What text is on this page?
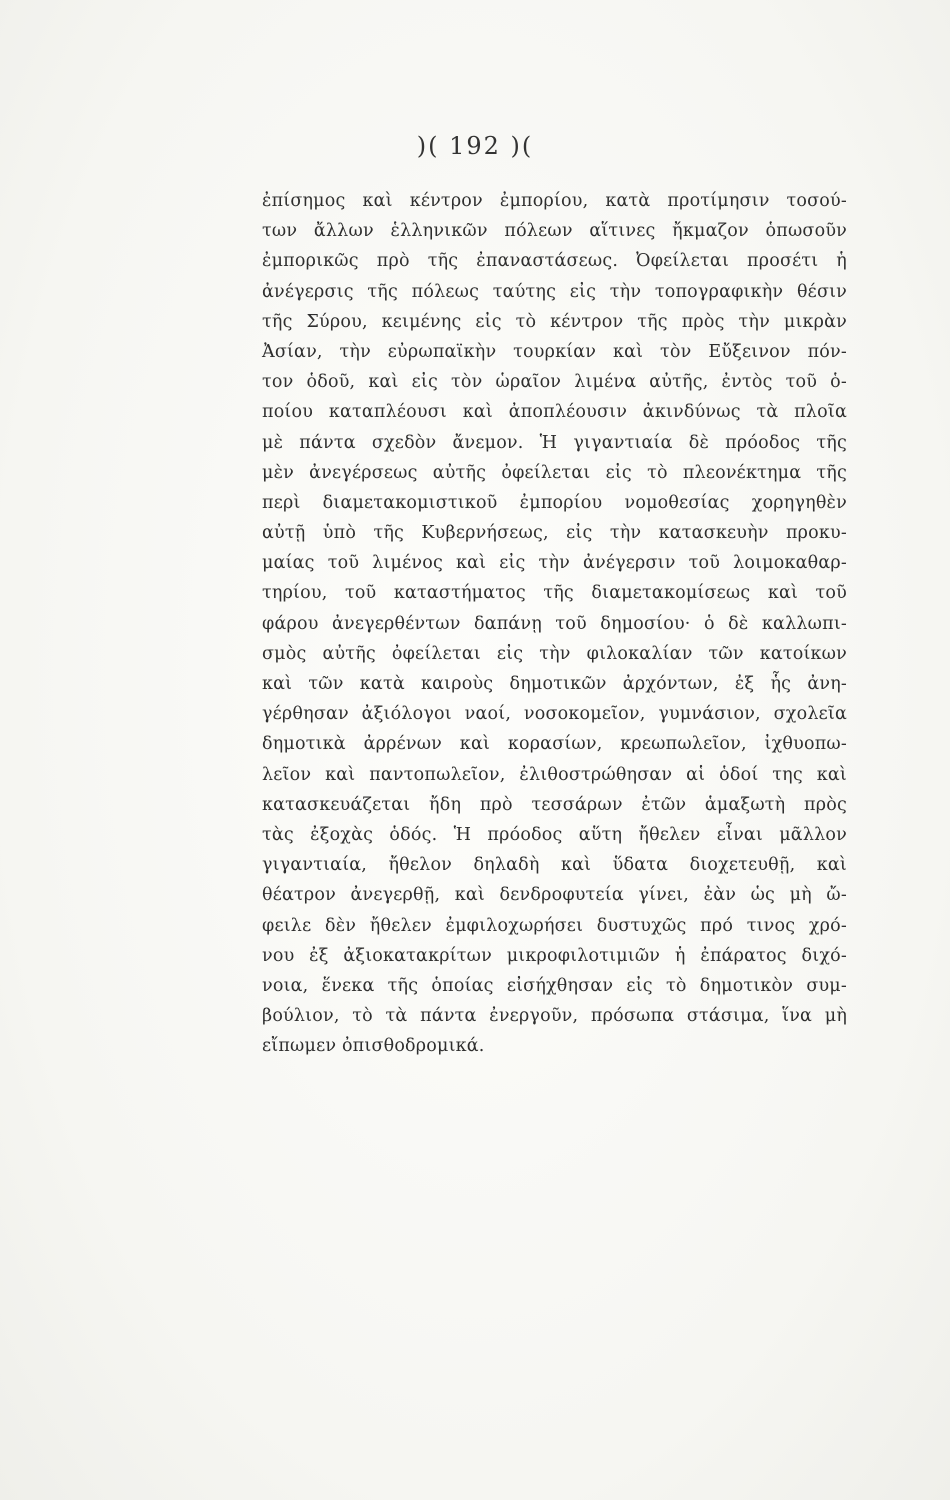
)( 192 )(
ἐπίσημος καὶ κέντρον ἐμπορίου, κατὰ προτίμησιν τοσού-
των ἄλλων ἑλληνικῶν πόλεων αἵτινες ἤκμαζον ὁπωσοῦν
ἐμπορικῶς πρὸ τῆς ἐπαναστάσεως. Ὀφείλεται προσέτι ἡ
ἀνέγερσις τῆς πόλεως ταύτης εἰς τὴν τοπογραφικὴν θέσιν
τῆς Σύρου, κειμένης εἰς τὸ κέντρον τῆς πρὸς τὴν μικρὰν
Ἀσίαν, τὴν εὐρωπαϊκὴν τουρκίαν καὶ τὸν Εὔξεινον πόν-
τον ὁδοῦ, καὶ εἰς τὸν ὡραῖον λιμένα αὐτῆς, ἐντὸς τοῦ ὁ-
ποίου καταπλέουσι καὶ ἀποπλέουσιν ἀκινδύνως τὰ πλοῖα
μὲ πάντα σχεδὸν ἄνεμον. Ἡ γιγαντιαία δὲ πρόοδος τῆς
μὲν ἀνεγέρσεως αὐτῆς ὀφείλεται εἰς τὸ πλεονέκτημα τῆς
περὶ διαμετακομιστικοῦ ἐμπορίου νομοθεσίας χορηγηθὲν
αὐτῇ ὑπὸ τῆς Κυβερνήσεως, εἰς τὴν κατασκευὴν προκυ-
μαίας τοῦ λιμένος καὶ εἰς τὴν ἀνέγερσιν τοῦ λοιμοκαθαρ-
τηρίου, τοῦ καταστήματος τῆς διαμετακομίσεως καὶ τοῦ
φάρου ἀνεγερθέντων δαπάνῃ τοῦ δημοσίου· ὁ δὲ καλλωπι-
σμὸς αὐτῆς ὀφείλεται εἰς τὴν φιλοκαλίαν τῶν κατοίκων
καὶ τῶν κατὰ καιροὺς δημοτικῶν ἀρχόντων, ἐξ ἧς ἀνη-
γέρθησαν ἀξιόλογοι ναοί, νοσοκομεῖον, γυμνάσιον, σχολεῖα
δημοτικὰ ἀρρένων καὶ κορασίων, κρεωπωλεῖον, ἰχθυοπω-
λεῖον καὶ παντοπωλεῖον, ἐλιθοστρώθησαν αἱ ὁδοί της καὶ
κατασκευάζεται ἤδη πρὸ τεσσάρων ἐτῶν ἁμαξωτὴ πρὸς
τὰς ἐξοχὰς ὁδός. Ἡ πρόοδος αὕτη ἤθελεν εἶναι μᾶλλον
γιγαντιαία, ἤθελον δηλαδὴ καὶ ὕδατα διοχετευθῇ, καὶ
θέατρον ἀνεγερθῇ, καὶ δενδροφυτεία γίνει, ἐὰν ὡς μὴ ὤ-
φειλε δὲν ἤθελεν ἐμφιλοχωρήσει δυστυχῶς πρό τινος χρό-
νου ἐξ ἀξιοκατακρίτων μικροφιλοτιμιῶν ἡ ἐπάρατος διχό-
νοια, ἕνεκα τῆς ὁποίας εἰσήχθησαν εἰς τὸ δημοτικὸν συμ-
βούλιον, τὸ τὰ πάντα ἐνεργοῦν, πρόσωπα στάσιμα, ἵνα μὴ
εἴπωμεν ὀπισθοδρομικά.
